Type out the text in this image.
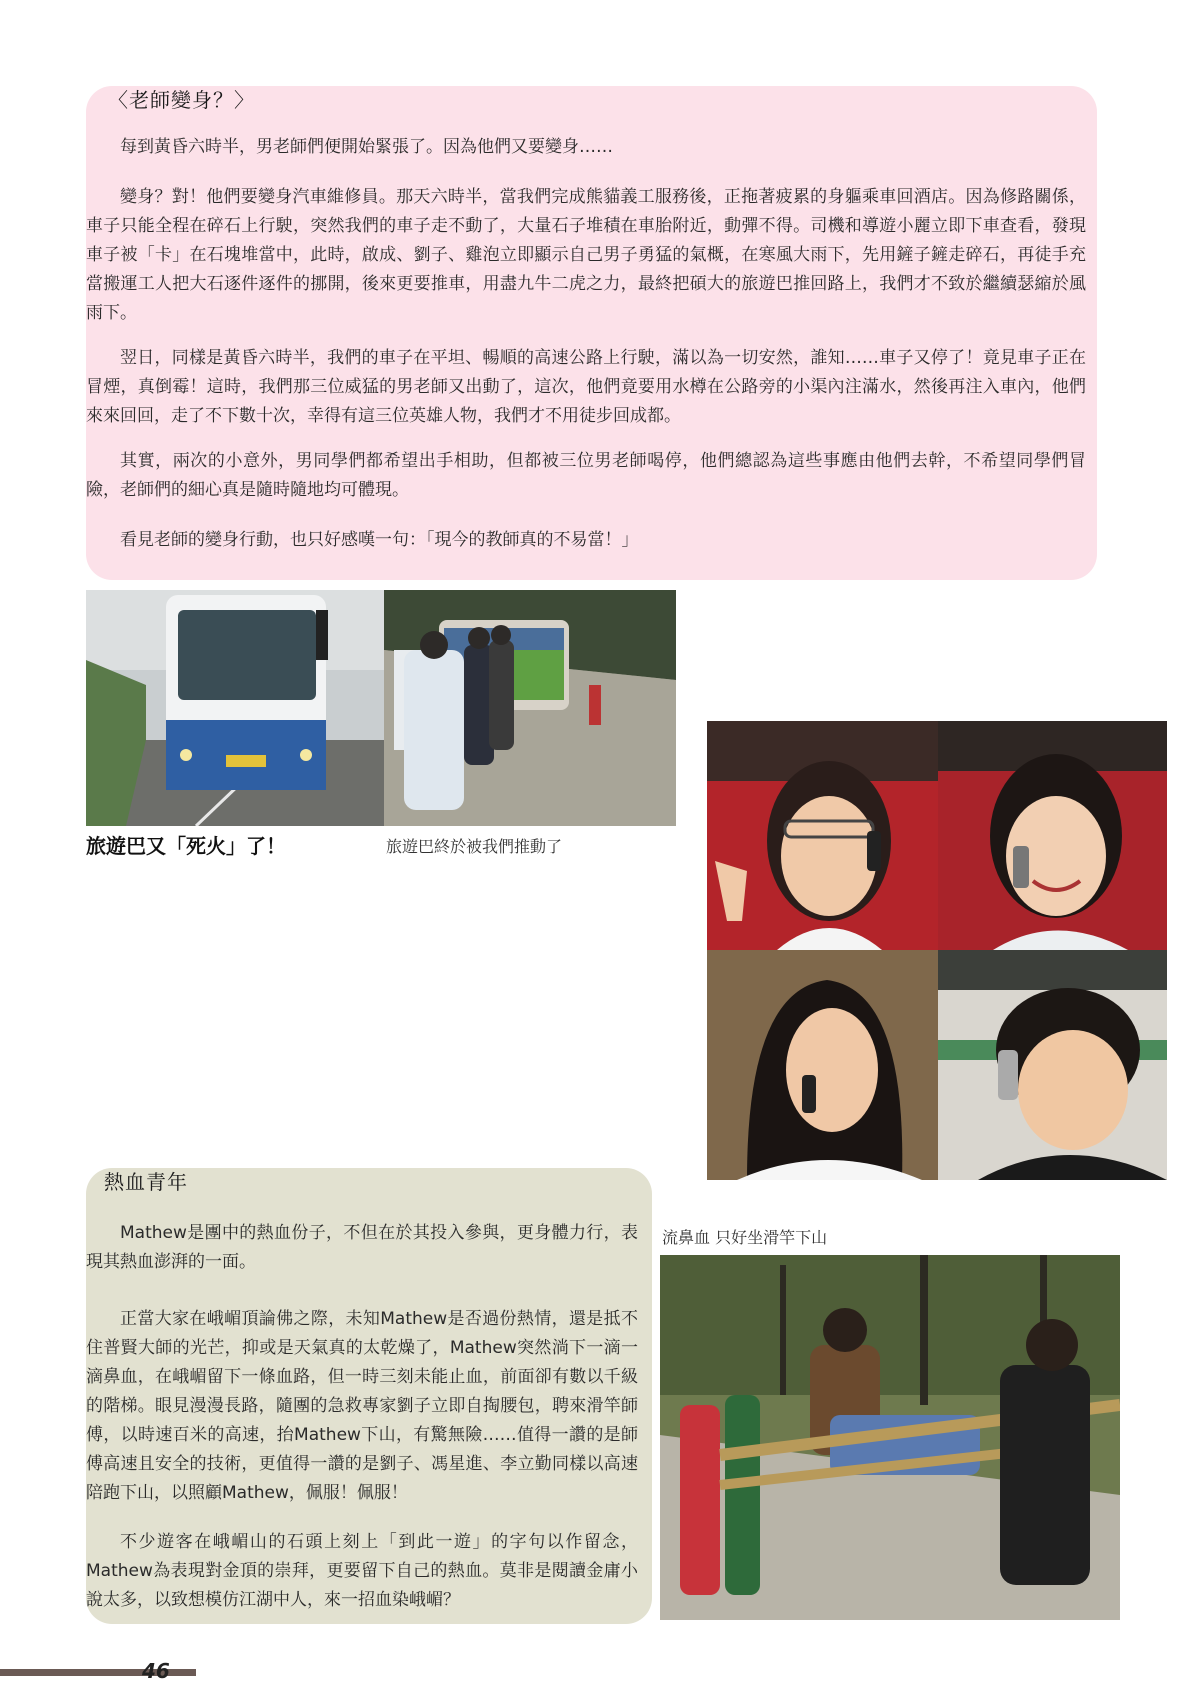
〈老師變身？〉

每到黃昏六時半，男老師們便開始緊張了。因為他們又要變身……

變身？對！他們要變身汽車維修員。那天六時半，當我們完成熊貓義工服務後，正拖著疲累的身軀乘車回酒店。因為修路關係，車子只能全程在碎石上行駛，突然我們的車子走不動了，大量石子堆積在車胎附近，動彈不得。司機和導遊小麗立即下車查看，發現車子被「卡」在石塊堆當中，此時，啟成、劉子、雞泡立即顯示自己男子勇猛的氣概，在寒風大雨下，先用鏟子鏟走碎石，再徒手充當搬運工人把大石逐件逐件的挪開，後來更要推車，用盡九牛二虎之力，最終把碩大的旅遊巴推回路上，我們才不致於繼續瑟縮於風雨下。

翌日，同樣是黃昏六時半，我們的車子在平坦、暢順的高速公路上行駛，滿以為一切安然，誰知……車子又停了！竟見車子正在冒煙，真倒霉！這時，我們那三位威猛的男老師又出動了，這次，他們竟要用水樽在公路旁的小渠內注滿水，然後再注入車內，他們來來回回，走了不下數十次，幸得有這三位英雄人物，我們才不用徒步回成都。

其實，兩次的小意外，男同學們都希望出手相助，但都被三位男老師喝停，他們總認為這些事應由他們去幹，不希望同學們冒險，老師們的細心真是隨時隨地均可體現。

看見老師的變身行動，也只好感嘆一句：「現今的教師真的不易當！」

旅遊巴又「死火」了！	旅遊巴終於被我們推動了
熱血青年

Mathew是團中的熱血份子，不但在於其投入參與，更身體力行，表現其熱血澎湃的一面。

正當大家在峨嵋頂論佛之際，未知Mathew是否過份熱情，還是抵不住普賢大師的光芒，抑或是天氣真的太乾燥了，Mathew突然淌下一滴一滴鼻血，在峨嵋留下一條血路，但一時三刻未能止血，前面卻有數以千級的階梯。眼見漫漫長路，隨團的急救專家劉子立即自掏腰包，聘來滑竿師傅，以時速百米的高速，抬Mathew下山，有驚無險……值得一讚的是師傅高速且安全的技術，更值得一讚的是劉子、馮星進、李立勤同樣以高速陪跑下山，以照顧Mathew，佩服！佩服！

不少遊客在峨嵋山的石頭上刻上「到此一遊」的字句以作留念，Mathew為表現對金頂的崇拜，更要留下自己的熱血。莫非是閱讀金庸小說太多，以致想模仿江湖中人，來一招血染峨嵋？

流鼻血 只好坐滑竿下山
46
